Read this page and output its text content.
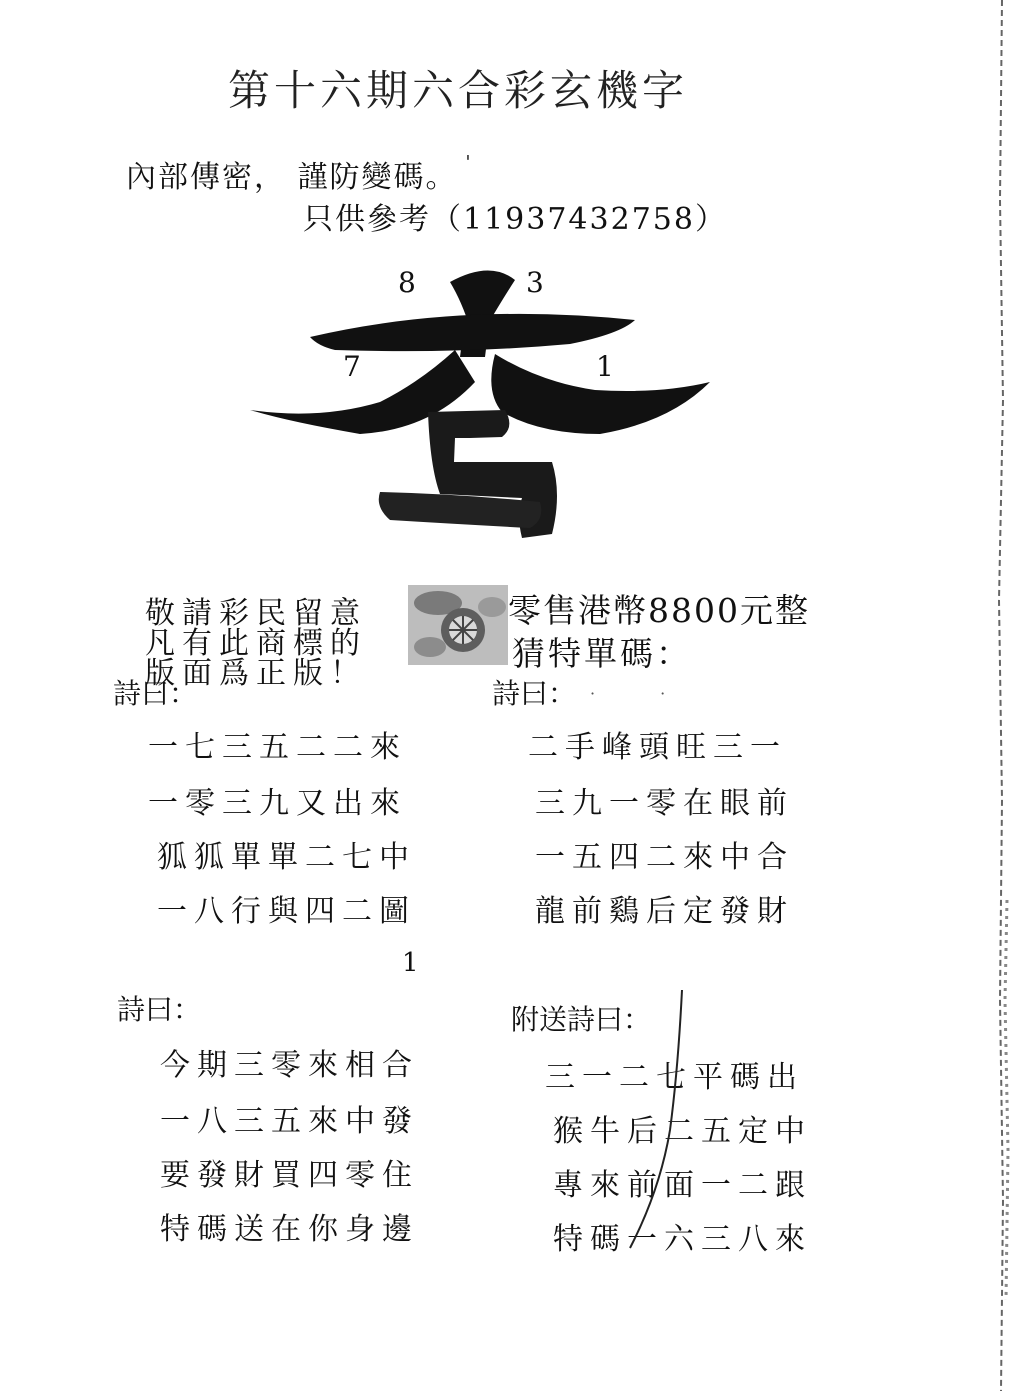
第十六期六合彩玄機字
內部傳密， 謹防變碼。 '
只供參考（11937432758）
8	3
7	1
敬請彩民留意
凡有此商標的
版面爲正版！
零售港幣8800元整
猜特單碼：
詩曰：	詩曰： · ·
一七三五二二來
一零三九又出來
狐狐單單二七中
一八行與四二圖
二手峰頭旺三一
三九一零在眼前
一五四二來中合
龍前鷄后定發財
1
詩曰：	附送詩曰：
今期三零來相合
一八三五來中發
要發財買四零住
特碼送在你身邊
三一二七平碼出
猴牛后二五定中
專來前面一二跟
特碼一六三八來
